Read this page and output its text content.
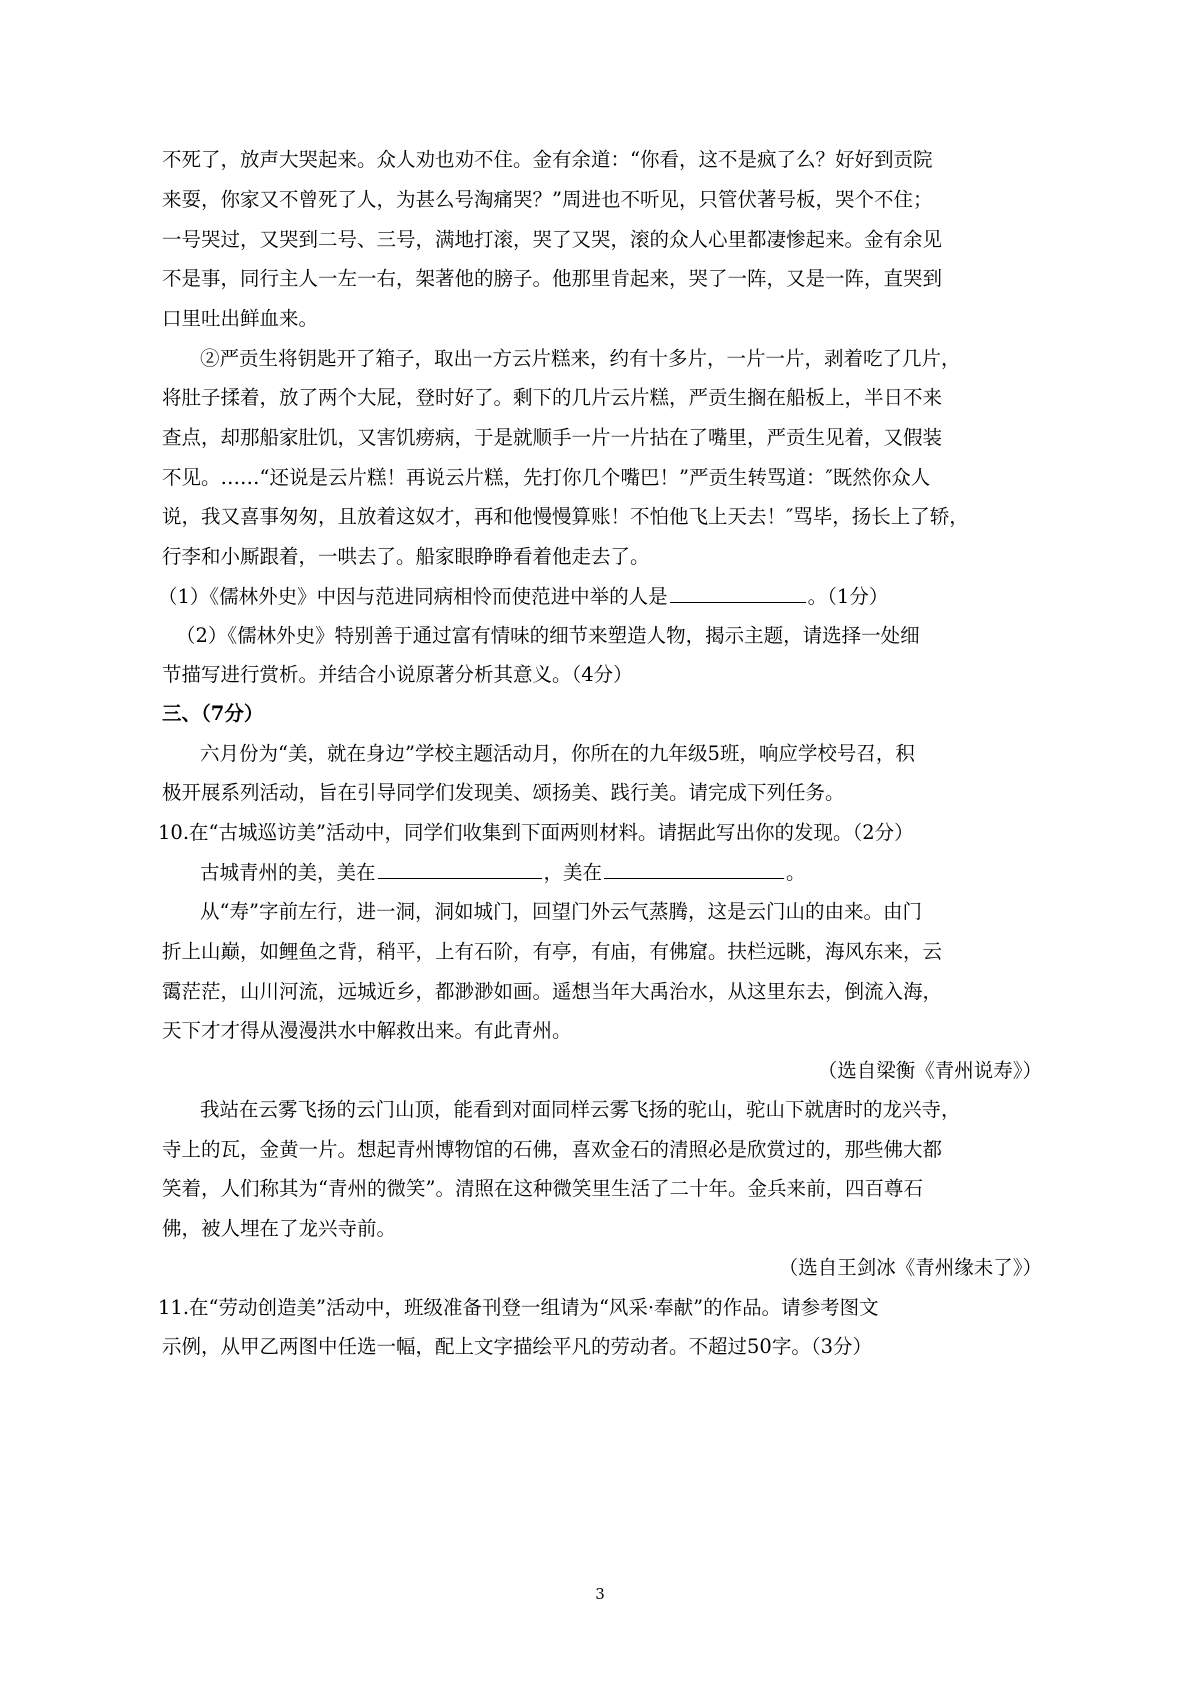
不死了，放声大哭起来。众人劝也劝不住。金有余道：“你看，这不是疯了么？好好到贡院
来耍，你家又不曾死了人，为甚么号淘痛哭？”周进也不听见，只管伏著号板，哭个不住；
一号哭过，又哭到二号、三号，满地打滚，哭了又哭，滚的众人心里都凄惨起来。金有余见
不是事，同行主人一左一右，架著他的膀子。他那里肯起来，哭了一阵，又是一阵，直哭到
口里吐出鲜血来。
②严贡生将钥匙开了箱子，取出一方云片糕来，约有十多片，一片一片，剥着吃了几片，
将肚子揉着，放了两个大屁，登时好了。剩下的几片云片糕，严贡生搁在船板上，半日不来
查点，却那船家肚饥，又害饥痨病，于是就顺手一片一片拈在了嘴里，严贡生见着，又假装
不见。……“还说是云片糕！再说云片糕，先打你几个嘴巴！”严贡生转骂道：″既然你众人
说，我又喜事匆匆，且放着这奴才，再和他慢慢算账！不怕他飞上天去！″骂毕，扬长上了轿，
行李和小厮跟着，一哄去了。船家眼睁睁看着他走去了。
（1）《儒林外史》中因与范进同病相怜而使范进中举的人是	。（1分）
（2）《儒林外史》特别善于通过富有情味的细节来塑造人物，揭示主题，请选择一处细
节描写进行赏析。并结合小说原著分析其意义。（4分）
三、（7分）
六月份为“美，就在身边”学校主题活动月，你所在的九年级5班，响应学校号召，积
极开展系列活动，旨在引导同学们发现美、颂扬美、践行美。请完成下列任务。
10.在“古城巡访美”活动中，同学们收集到下面两则材料。请据此写出你的发现。（2分）
古城青州的美，美在	，美在	。
从“寿”字前左行，进一洞，洞如城门，回望门外云气蒸腾，这是云门山的由来。由门
折上山巅，如鲤鱼之背，稍平，上有石阶，有亭，有庙，有佛窟。扶栏远眺，海风东来，云
霭茫茫，山川河流，远城近乡，都渺渺如画。遥想当年大禹治水，从这里东去，倒流入海，
天下才才得从漫漫洪水中解救出来。有此青州。
（选自梁衡《青州说寿》）
我站在云雾飞扬的云门山顶，能看到对面同样云雾飞扬的驼山，驼山下就唐时的龙兴寺，
寺上的瓦，金黄一片。想起青州博物馆的石佛，喜欢金石的清照必是欣赏过的，那些佛大都
笑着，人们称其为“青州的微笑”。清照在这种微笑里生活了二十年。金兵来前，四百尊石
佛，被人埋在了龙兴寺前。
（选自王剑冰《青州缘未了》）
11.在“劳动创造美”活动中，班级准备刊登一组请为“风采·奉献”的作品。请参考图文
示例，从甲乙两图中任选一幅，配上文字描绘平凡的劳动者。不超过50字。（3分）
3
